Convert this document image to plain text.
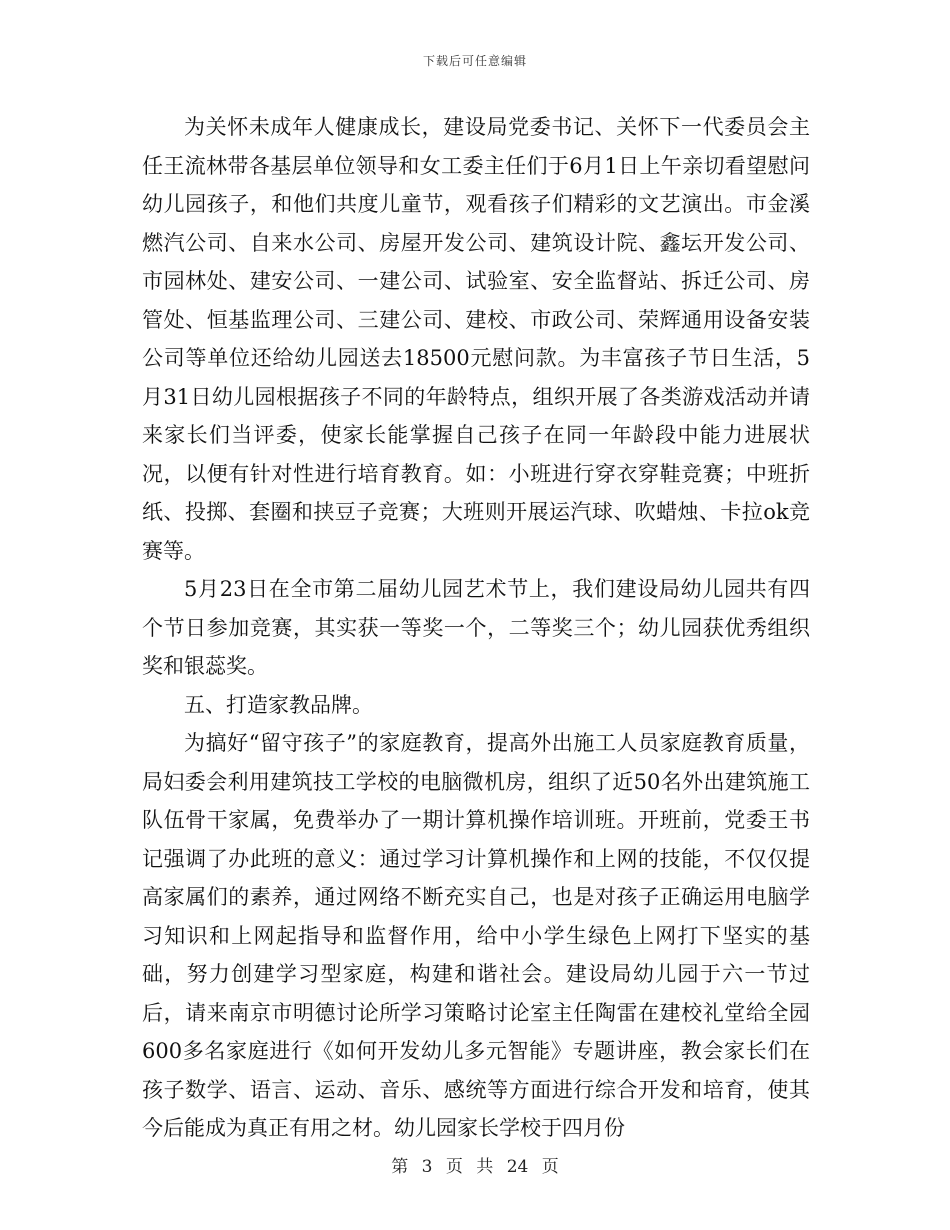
下载后可任意编辑

为关怀未成年人健康成长，建设局党委书记、关怀下一代委员会主任王流林带各基层单位领导和女工委主任们于6月1日上午亲切看望慰问幼儿园孩子，和他们共度儿童节，观看孩子们精彩的文艺演出。市金溪燃汽公司、自来水公司、房屋开发公司、建筑设计院、鑫坛开发公司、市园林处、建安公司、一建公司、试验室、安全监督站、拆迁公司、房管处、恒基监理公司、三建公司、建校、市政公司、荣辉通用设备安装公司等单位还给幼儿园送去18500元慰问款。为丰富孩子节日生活，5月31日幼儿园根据孩子不同的年龄特点，组织开展了各类游戏活动并请来家长们当评委，使家长能掌握自己孩子在同一年龄段中能力进展状况，以便有针对性进行培育教育。如：小班进行穿衣穿鞋竞赛；中班折纸、投掷、套圈和挟豆子竞赛；大班则开展运汽球、吹蜡烛、卡拉ok竞赛等。

5月23日在全市第二届幼儿园艺术节上，我们建设局幼儿园共有四个节日参加竞赛，其实获一等奖一个，二等奖三个；幼儿园获优秀组织奖和银蕊奖。

五、打造家教品牌。

为搞好“留守孩子”的家庭教育，提高外出施工人员家庭教育质量，局妇委会利用建筑技工学校的电脑微机房，组织了近50名外出建筑施工队伍骨干家属，免费举办了一期计算机操作培训班。开班前，党委王书记强调了办此班的意义：通过学习计算机操作和上网的技能，不仅仅提高家属们的素养，通过网络不断充实自己，也是对孩子正确运用电脑学习知识和上网起指导和监督作用，给中小学生绿色上网打下坚实的基础，努力创建学习型家庭，构建和谐社会。建设局幼儿园于六一节过后，请来南京市明德讨论所学习策略讨论室主任陶雷在建校礼堂给全园600多名家庭进行《如何开发幼儿多元智能》专题讲座，教会家长们在孩子数学、语言、运动、音乐、感统等方面进行综合开发和培育，使其今后能成为真正有用之材。幼儿园家长学校于四月份

第 3 页 共 24 页
